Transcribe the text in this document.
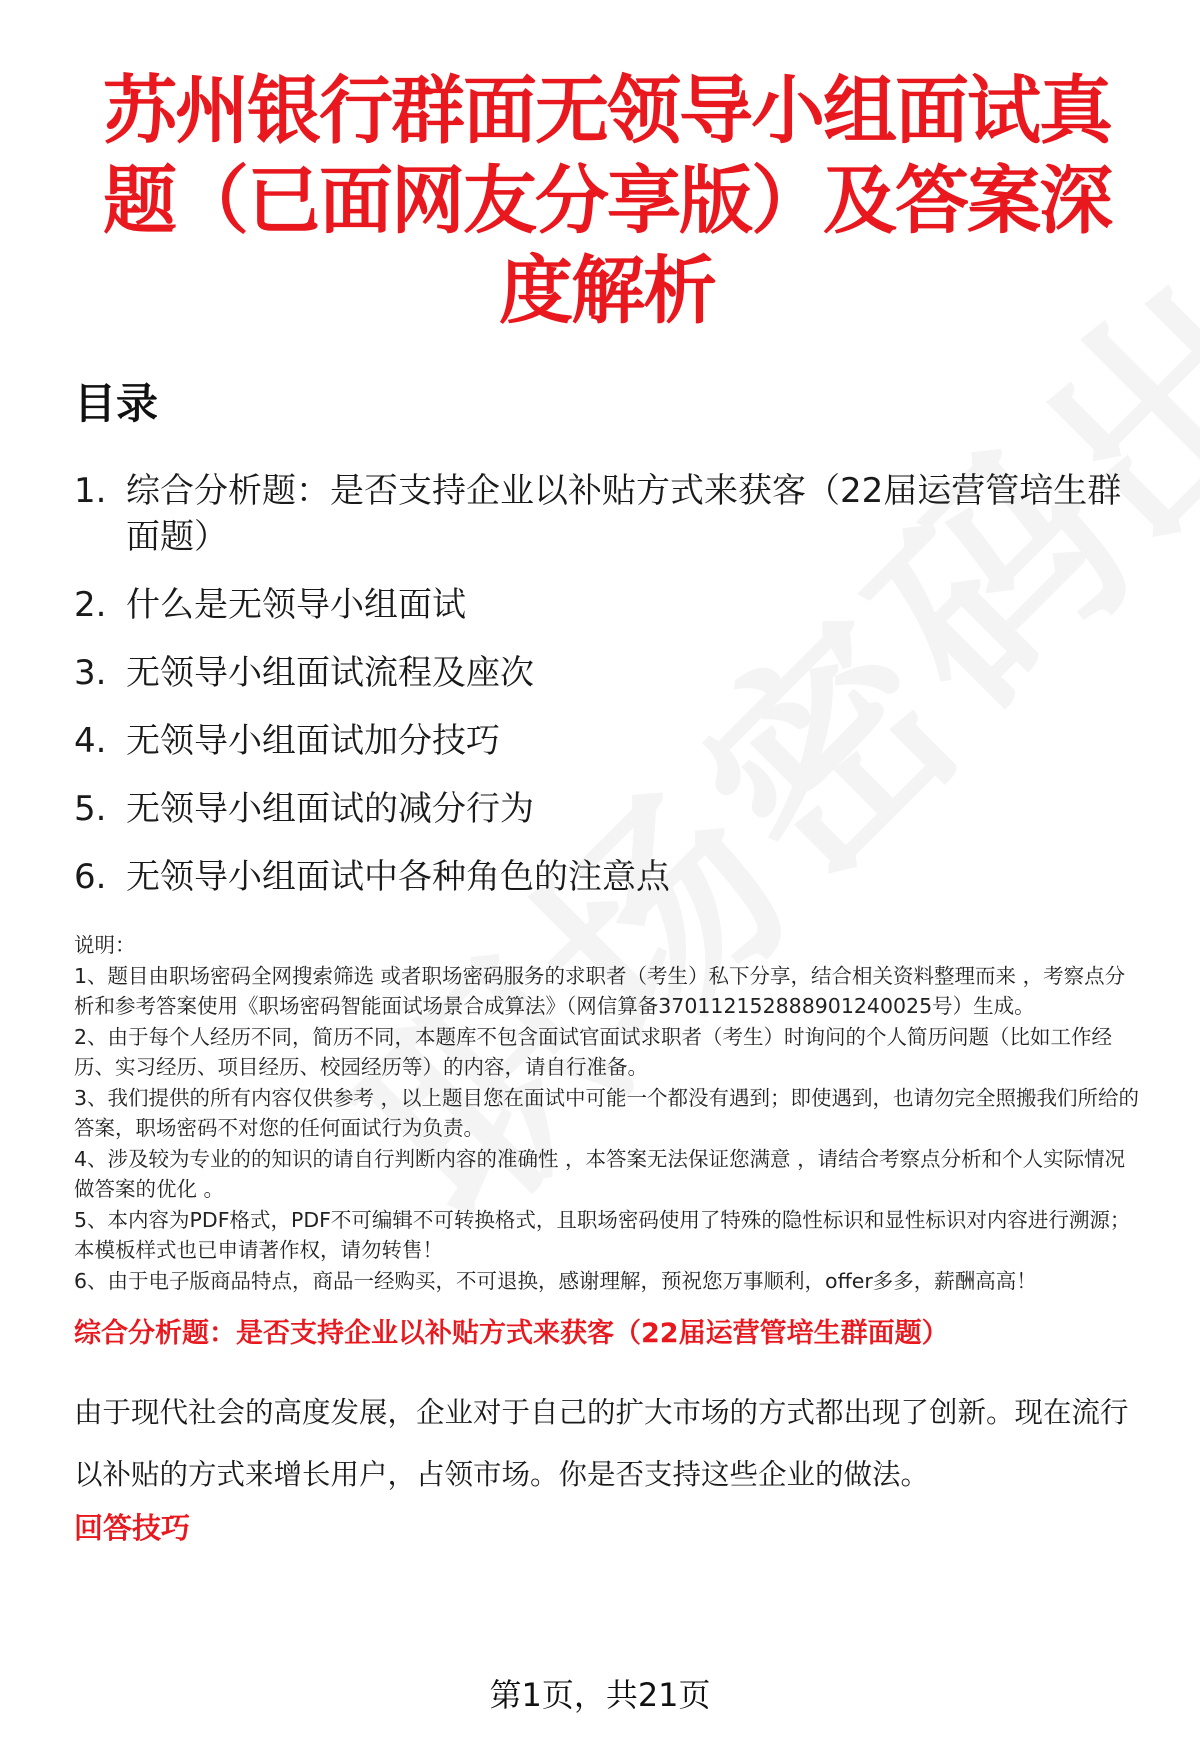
苏州银行群面无领导小组面试真题（已面网友分享版）及答案深度解析
目录
1. 综合分析题：是否支持企业以补贴方式来获客（22届运营管培生群面题）
2. 什么是无领导小组面试
3. 无领导小组面试流程及座次
4. 无领导小组面试加分技巧
5. 无领导小组面试的减分行为
6. 无领导小组面试中各种角色的注意点

说明：

1、题目由职场密码全网搜索筛选 或者职场密码服务的求职者（考生）私下分享，结合相关资料整理而来 ，考察点分析和参考答案使用《职场密码智能面试场景合成算法》（网信算备370112152888901240025号）生成。

2、由于每个人经历不同，简历不同，本题库不包含面试官面试求职者（考生）时询问的个人简历问题（比如工作经历、实习经历、项目经历、校园经历等）的内容，请自行准备。

3、我们提供的所有内容仅供参考 ，以上题目您在面试中可能一个都没有遇到；即使遇到，也请勿完全照搬我们所给的答案，职场密码不对您的任何面试行为负责。

4、涉及较为专业的的知识的请自行判断内容的准确性 ，本答案无法保证您满意 ，请结合考察点分析和个人实际情况做答案的优化 。

5、本内容为PDF格式，PDF不可编辑不可转换格式，且职场密码使用了特殊的隐性标识和显性标识对内容进行溯源；本模板样式也已申请著作权，请勿转售！

6、由于电子版商品特点，商品一经购买，不可退换，感谢理解，预祝您万事顺利，offer多多，薪酬高高！

综合分析题：是否支持企业以补贴方式来获客（22届运营管培生群面题）

由于现代社会的高度发展，企业对于自己的扩大市场的方式都出现了创新。现在流行以补贴的方式来增长用户，占领市场。你是否支持这些企业的做法。

回答技巧
第1页，共21页
